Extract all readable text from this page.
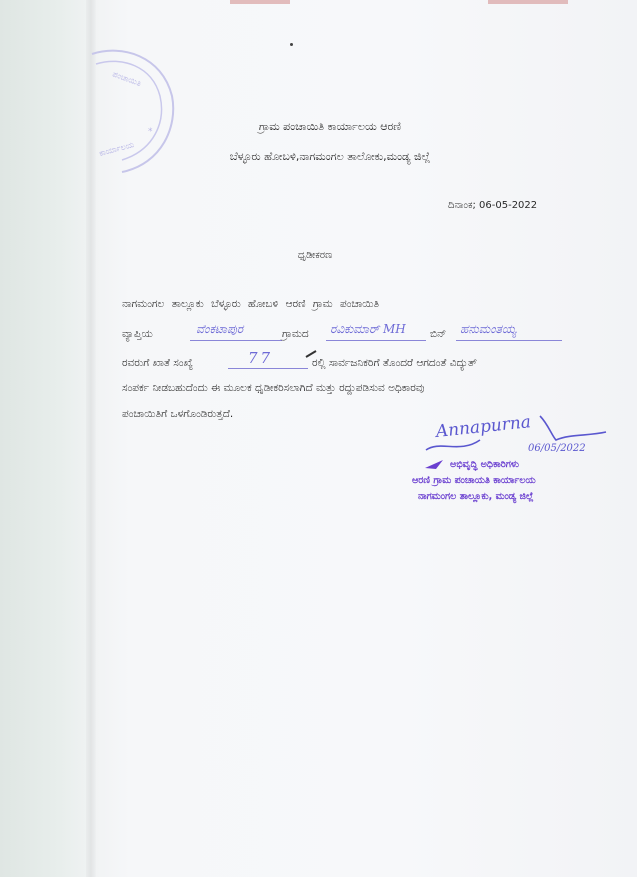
ಪಂಚಾಯಿತಿ
ಕಾರ್ಯಾಲಯ
*	ಗ್ರಾಮ ಪಂಚಾಯಿತಿ ಕಾರ್ಯಾಲಯ ಆರಣಿ
ಬೆಳ್ಳೂರು ಹೋಬಳಿ,ನಾಗಮಂಗಲ ತಾಲೋಕು,ಮಂಡ್ಯ ಜಿಲ್ಲೆ
ದಿನಾಂಕ; 06-05-2022
ಧೃಡೀಕರಣ
ನಾಗಮಂಗಲ ತಾಲ್ಲೂಕು ಬೆಳ್ಳೂರು ಹೋಬಳಿ ಆರಣಿ ಗ್ರಾಮ ಪಂಚಾಯಿತಿ
ವ್ಯಾಪ್ತಿಯ	ವೆಂಕಟಾಪುರ	ಗ್ರಾಮದ ರವಿಕುಮಾರ್ MH ಬಿನ್ ಹನುಮಂತಯ್ಯ
ರವರುಗೆ ಖಾತೆ ಸಂಖ್ಯೆ	77	ರಲ್ಲಿ ಸಾರ್ವಜನಿಕರಿಗೆ ತೊಂದರೆ ಆಗದಂತೆ ವಿದ್ಯುತ್
ಸಂಪರ್ಕ ನೀಡಬಹುದೆಂದು ಈ ಮೂಲಕ ಧೃಡೀಕರಿಸಲಾಗಿದೆ ಮತ್ತು ರದ್ದುಪಡಿಸುವ ಅಧಿಕಾರವು
ಪಂಚಾಯಿತಿಗೆ ಒಳಗೊಂಡಿರುತ್ತದೆ.	Annapurna
06/05/2022
ಅಭಿವೃದ್ಧಿ ಅಧಿಕಾರಿಗಳು
ಆರಣಿ ಗ್ರಾಮ ಪಂಚಾಯತಿ ಕಾರ್ಯಾಲಯ
ನಾಗಮಂಗಲ ತಾಲ್ಲೂಕು, ಮಂಡ್ಯ ಜಿಲ್ಲೆ
